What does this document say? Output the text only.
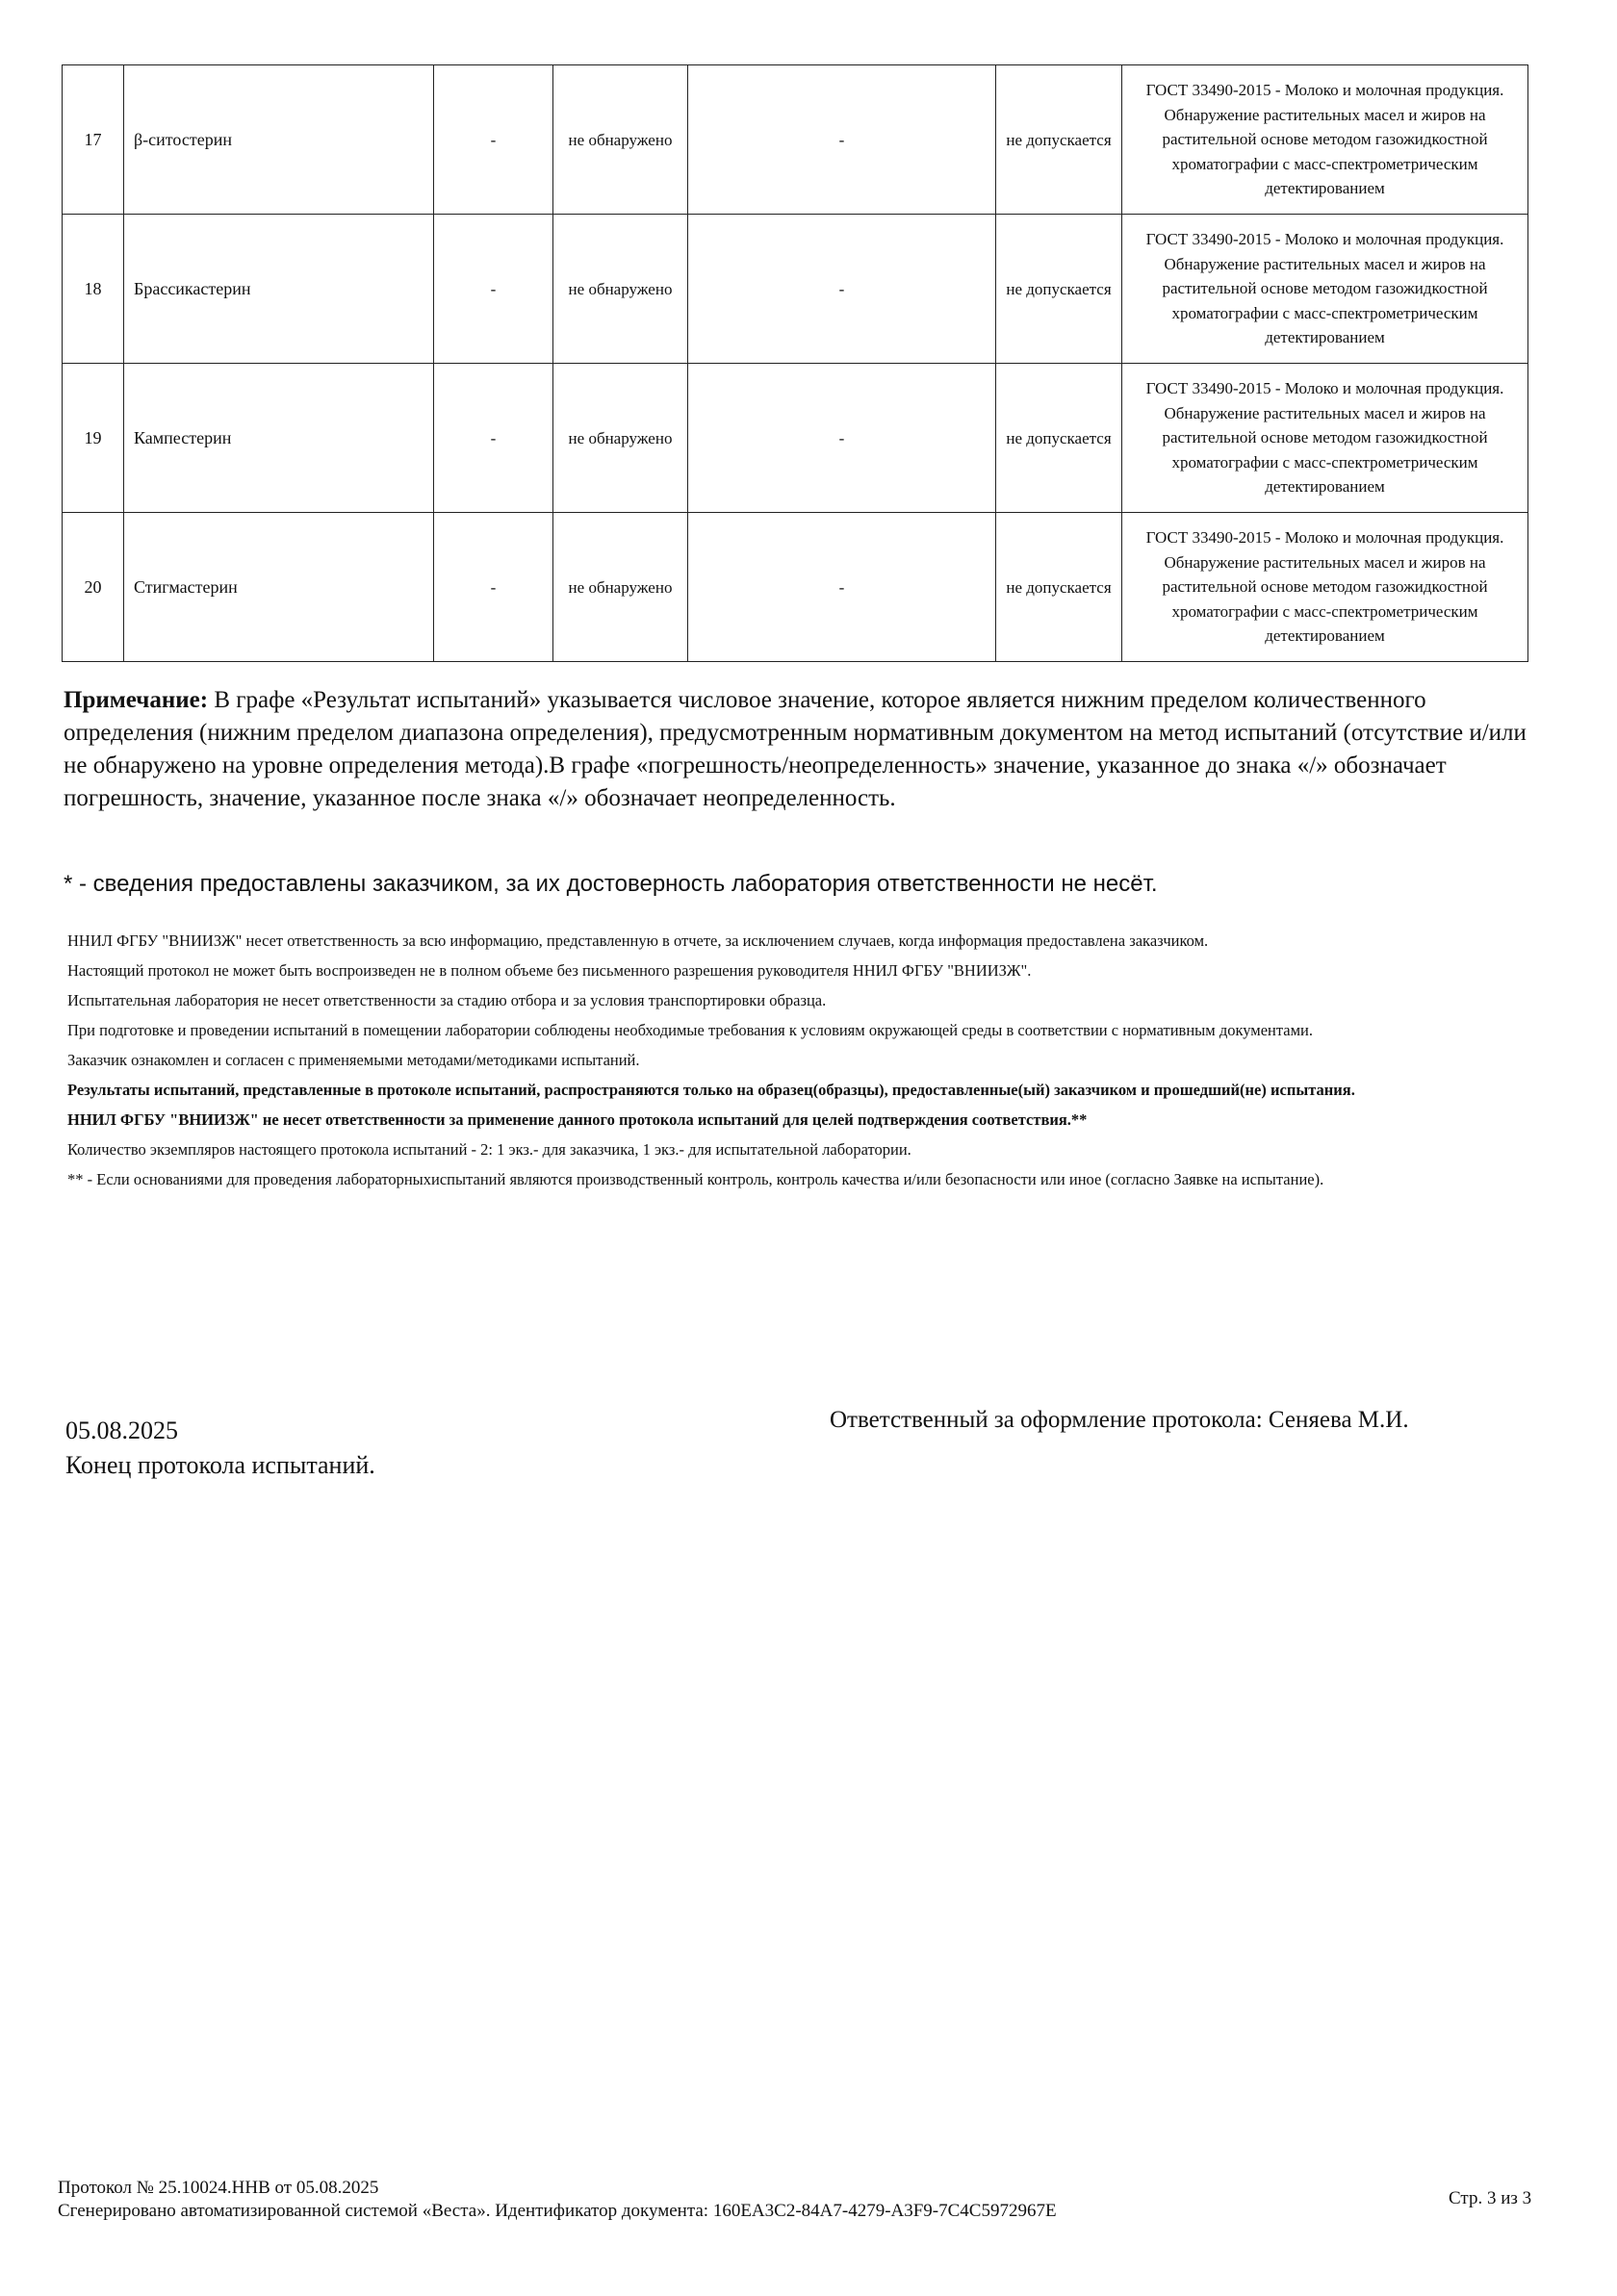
17	β-ситостерин	-	не обнаружено	-	не допускается	ГОСТ 33490-2015 - Молоко и молочная продукция. Обнаружение растительных масел и жиров на растительной основе методом газожидкостной хроматографии с масс-спектрометрическим детектированием
18	Брассикастерин	-	не обнаружено	-	не допускается	ГОСТ 33490-2015 - Молоко и молочная продукция. Обнаружение растительных масел и жиров на растительной основе методом газожидкостной хроматографии с масс-спектрометрическим детектированием
19	Кампестерин	-	не обнаружено	-	не допускается	ГОСТ 33490-2015 - Молоко и молочная продукция. Обнаружение растительных масел и жиров на растительной основе методом газожидкостной хроматографии с масс-спектрометрическим детектированием
20	Стигмастерин	-	не обнаружено	-	не допускается	ГОСТ 33490-2015 - Молоко и молочная продукция. Обнаружение растительных масел и жиров на растительной основе методом газожидкостной хроматографии с масс-спектрометрическим детектированием
Примечание: В графе «Результат испытаний» указывается числовое значение, которое является нижним пределом количественного определения (нижним пределом диапазона определения), предусмотренным нормативным документом на метод испытаний (отсутствие и/или не обнаружено на уровне определения метода).В графе «погрешность/неопределенность» значение, указанное до знака «/» обозначает погрешность, значение, указанное после знака «/» обозначает неопределенность.
* - сведения предоставлены заказчиком, за их достоверность лаборатория ответственности не несёт.

ННИЛ ФГБУ "ВНИИЗЖ" несет ответственность за всю информацию, представленную в отчете, за исключением случаев, когда информация предоставлена заказчиком.

Настоящий протокол не может быть воспроизведен не в полном объеме без письменного разрешения руководителя ННИЛ ФГБУ "ВНИИЗЖ".

Испытательная лаборатория не несет ответственности за стадию отбора и за условия транспортировки образца.

При подготовке и проведении испытаний в помещении лаборатории соблюдены необходимые требования к условиям окружающей среды в соответствии с нормативным документами.

Заказчик ознакомлен и согласен с применяемыми методами/методиками испытаний.

Результаты испытаний, представленные в протоколе испытаний, распространяются только на образец(образцы), предоставленные(ый) заказчиком и прошедший(не) испытания.

ННИЛ ФГБУ "ВНИИЗЖ" не несет ответственности за применение данного протокола испытаний для целей подтверждения соответствия.**

Количество экземпляров настоящего протокола испытаний - 2: 1 экз.- для заказчика, 1 экз.- для испытательной лаборатории.

** - Если основаниями для проведения лабораторныхиспытаний являются производственный контроль, контроль качества и/или безопасности или иное (согласно Заявке на испытание).

05.08.2025
Конец протокола испытаний.
Ответственный за оформление протокола: Сеняева М.И.
Протокол № 25.10024.ННВ от 05.08.2025
Сгенерировано автоматизированной системой «Веста». Идентификатор документа: 160EA3C2-84A7-4279-A3F9-7C4C5972967E
Стр. 3 из 3
